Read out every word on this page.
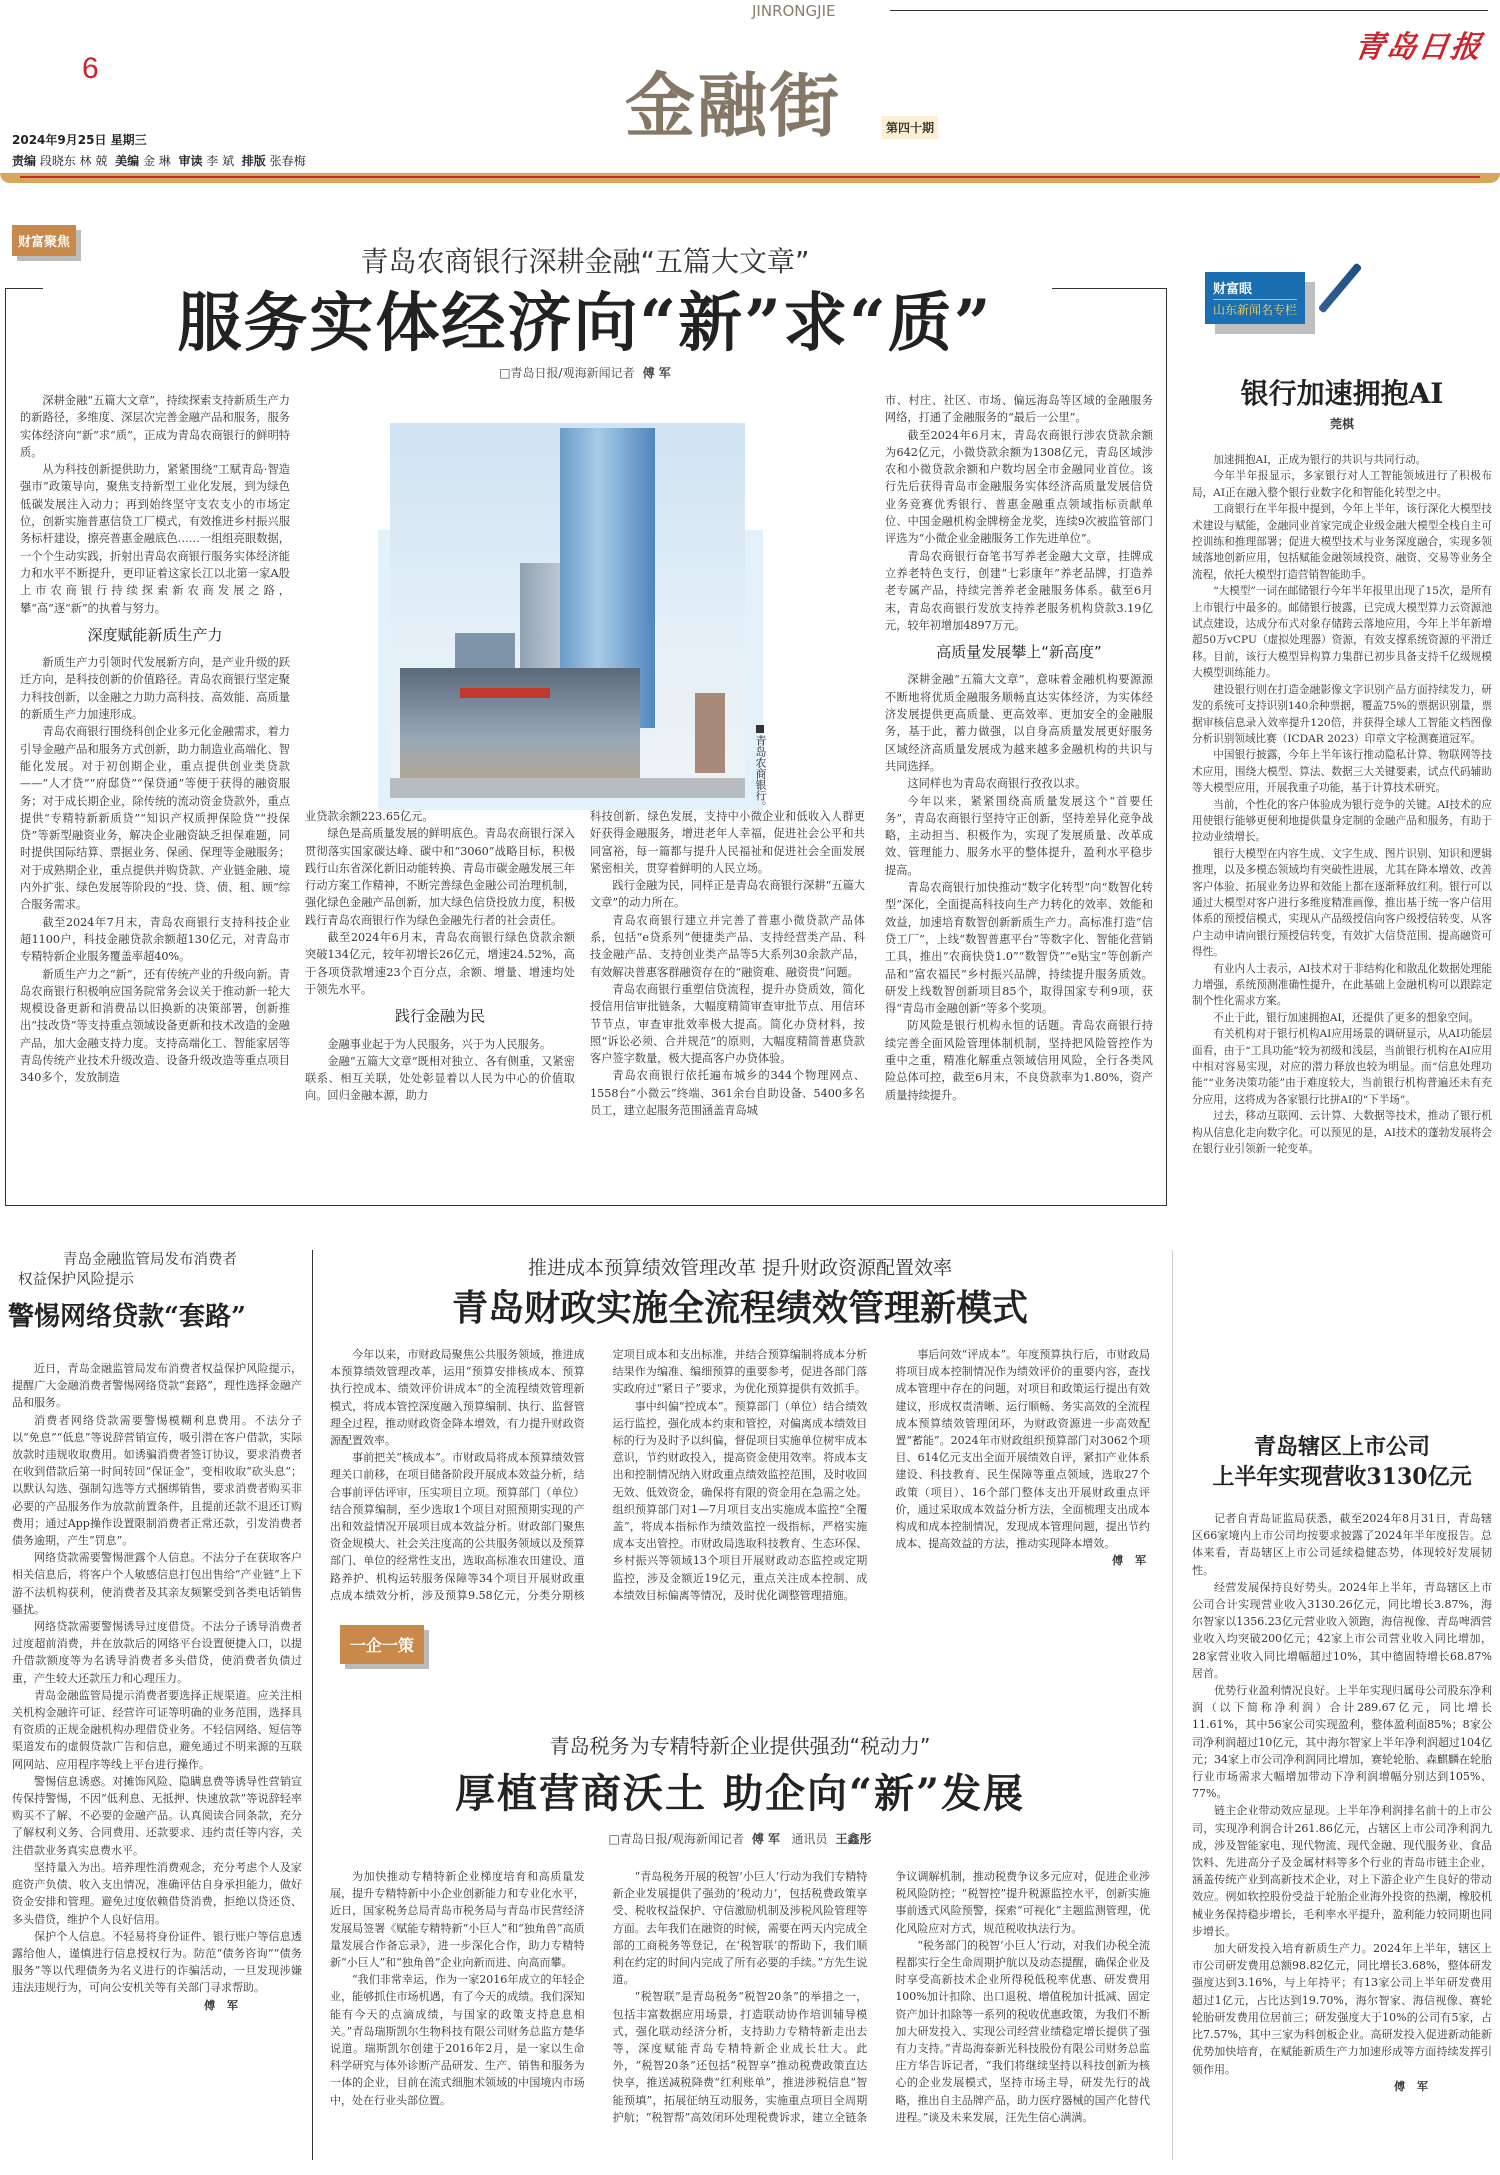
JINRONGJIE
6	金融街	第四十期
青岛日报
2024年9月25日 星期三
责编 段晓东 林 兢 美编 金 琳 审读 李 斌 排版 张春梅
财富聚焦
青岛农商银行深耕金融“五篇大文章”
服务实体经济向“新”求“质”
□青岛日报/观海新闻记者 傅 军

深耕金融“五篇大文章”，持续探索支持新质生产力的新路径，多维度、深层次完善金融产品和服务，服务实体经济向“新”求“质”，正成为青岛农商银行的鲜明特质。

从为科技创新提供助力，紧紧围绕“工赋青岛·智造强市”政策导向，聚焦支持新型工业化发展，到为绿色低碳发展注入动力；再到始终坚守支农支小的市场定位，创新实施普惠信贷工厂模式，有效推进乡村振兴服务标杆建设，擦亮普惠金融底色……一组组亮眼数据，一个个生动实践，折射出青岛农商银行服务实体经济能力和水平不断提升，更印证着这家长江以北第一家A股上市农商银行持续探索新农商发展之路，攀“高”逐“新”的执着与努力。

深度赋能新质生产力

新质生产力引领时代发展新方向，是产业升级的跃迁方向，是科技创新的价值路径。青岛农商银行坚定聚力科技创新，以金融之力助力高科技、高效能、高质量的新质生产力加速形成。

青岛农商银行围绕科创企业多元化金融需求，着力引导金融产品和服务方式创新，助力制造业高端化、智能化发展。对于初创期企业，重点提供创业类贷款——“人才贷”“府邸贷”“保贷通”等便于获得的融资服务；对于成长期企业，除传统的流动资金贷款外，重点提供“专精特新新质贷”“知识产权质押保险贷”“投保贷”等新型融资业务，解决企业融资缺乏担保难题，同时提供国际结算、票据业务、保函、保理等金融服务；对于成熟期企业，重点提供并购贷款、产业链金融、境内外扩张、绿色发展等阶段的“投、贷、债、租、顾”综合服务需求。

截至2024年7月末，青岛农商银行支持科技企业超1100户，科技金融贷款余额超130亿元，对青岛市专精特新企业服务覆盖率超40%。

新质生产力之“新”，还有传统产业的升级向新。青岛农商银行积极响应国务院常务会议关于推动新一轮大规模设备更新和消费品以旧换新的决策部署，创新推出“技改贷”等支持重点领域设备更新和技术改造的金融产品，加大金融支持力度。支持高端化工、智能家居等青岛传统产业技术升级改造、设备升级改造等重点项目340多个，发放制造

青岛农商银行。

业贷款余额223.65亿元。

绿色是高质量发展的鲜明底色。青岛农商银行深入贯彻落实国家碳达峰、碳中和“3060”战略目标，积极践行山东省深化新旧动能转换、青岛市碳金融发展三年行动方案工作精神，不断完善绿色金融公司治理机制，强化绿色金融产品创新，加大绿色信贷投放力度，积极践行青岛农商银行作为绿色金融先行者的社会责任。

截至2024年6月末，青岛农商银行绿色贷款余额突破134亿元，较年初增长26亿元，增速24.52%，高于各项贷款增速23个百分点，余额、增量、增速均处于领先水平。

践行金融为民

金融事业起于为人民服务，兴于为人民服务。

金融“五篇大文章”既相对独立、各有侧重，又紧密联系、相互关联，处处彰显着以人民为中心的价值取向。回归金融本源，助力

科技创新、绿色发展，支持中小微企业和低收入人群更好获得金融服务，增进老年人幸福，促进社会公平和共同富裕，每一篇都与提升人民福祉和促进社会全面发展紧密相关，贯穿着鲜明的人民立场。

践行金融为民，同样正是青岛农商银行深耕“五篇大文章”的动力所在。

青岛农商银行建立并完善了普惠小微贷款产品体系，包括“e贷系列”便捷类产品、支持经营类产品、科技金融产品、支持创业类产品等5大系列30余款产品，有效解决普惠客群融资存在的“融资难、融资贵”问题。

青岛农商银行重塑信贷流程，提升办贷质效，简化授信用信审批链条，大幅度精简审查审批节点、用信环节节点，审查审批效率极大提高。简化办贷材料，按照“诉讼必须、合并规范”的原则，大幅度精简普惠贷款客户签字数量，极大提高客户办贷体验。

青岛农商银行依托遍布城乡的344个物理网点、1558台“小微云”终端、361余台自助设备、5400多名员工，建立起服务范围涵盖青岛城

市、村庄、社区、市场、偏远海岛等区域的金融服务网络，打通了金融服务的“最后一公里”。

截至2024年6月末，青岛农商银行涉农贷款余额为642亿元，小微贷款余额为1308亿元，青岛区域涉农和小微贷款余额和户数均居全市金融同业首位。该行先后获得青岛市金融服务实体经济高质量发展信贷业务竞赛优秀银行、普惠金融重点领域指标贡献单位、中国金融机构金牌榜金龙奖，连续9次被监管部门评选为“小微企业金融服务工作先进单位”。

青岛农商银行奋笔书写养老金融大文章，挂牌成立养老特色支行，创建“七彩康年”养老品牌，打造养老专属产品，持续完善养老金融服务体系。截至6月末，青岛农商银行发放支持养老服务机构贷款3.19亿元，较年初增加4897万元。

高质量发展攀上“新高度”

深耕金融“五篇大文章”，意味着金融机构要源源不断地将优质金融服务顺畅直达实体经济，为实体经济发展提供更高质量、更高效率、更加安全的金融服务，基于此，蓄力做强，以自身高质量发展更好服务区域经济高质量发展成为越来越多金融机构的共识与共同选择。

这同样也为青岛农商银行孜孜以求。

今年以来，紧紧围绕高质量发展这个“首要任务”，青岛农商银行坚持守正创新，坚持差异化竞争战略，主动担当、积极作为，实现了发展质量、改革成效、管理能力、服务水平的整体提升，盈利水平稳步提高。

青岛农商银行加快推动“数字化转型”向“数智化转型”深化，全面提高科技向生产力转化的效率、效能和效益，加速培育数智创新新质生产力。高标准打造“信贷工厂”，上线“数智普惠平台”等数字化、智能化营销工具，推出“农商快贷1.0”“数智贷”“e贴宝”等创新产品和“富农福民”乡村振兴品牌，持续提升服务质效。研发上线数智创新项目85个，取得国家专利9项，获得“青岛市金融创新”等多个奖项。

防风险是银行机构永恒的话题。青岛农商银行持续完善全面风险管理体制机制，坚持把风险管控作为重中之重，精准化解重点领域信用风险，全行各类风险总体可控，截至6月末，不良贷款率为1.80%，资产质量持续提升。

财富眼
山东新闻名专栏
银行加速拥抱AI
莞棋

加速拥抱AI，正成为银行的共识与共同行动。

今年半年报显示，多家银行对人工智能领域进行了积极布局，AI正在融入整个银行业数字化和智能化转型之中。

工商银行在半年报中提到，今年上半年，该行深化大模型技术建设与赋能，金融同业首家完成企业级金融大模型全栈自主可控训练和推理部署；促进大模型技术与业务深度融合，实现多领域落地创新应用，包括赋能金融领域投资、融资、交易等业务全流程，依托大模型打造营销智能助手。

“大模型”一词在邮储银行今年半年报里出现了15次，是所有上市银行中最多的。邮储银行披露，已完成大模型算力云资源池试点建设，达成分布式对象存储跨云落地应用，今年上半年新增超50万vCPU（虚拟处理器）资源，有效支撑系统资源的平滑迁移。目前，该行大模型异构算力集群已初步具备支持千亿级规模大模型训练能力。

建设银行则在打造金融影像文字识别产品方面持续发力，研发的系统可支持识别140余种票据，覆盖75%的票据识别量，票据审核信息录入效率提升120倍，并获得全球人工智能文档图像分析识别领域比赛（ICDAR 2023）印章文字检测赛道冠军。

中国银行披露，今年上半年该行推动隐私计算、物联网等技术应用，围绕大模型、算法、数据三大关键要素，试点代码辅助等大模型应用，开展我重子功能，基于计算技术研究。

当前，个性化的客户体验成为银行竞争的关键。AI技术的应用使银行能够更便利地提供量身定制的金融产品和服务，有助于拉动业绩增长。

银行大模型在内容生成、文字生成、图片识别、知识和逻辑推理，以及多模态领域均有突破性进展，尤其在降本增效、改善客户体验、拓展业务边界和效能上都在逐渐释放红利。银行可以通过大模型对客户进行多维度精准画像，推出基于统一客户信用体系的预授信模式，实现从产品级授信向客户级授信转变、从客户主动申请向银行预授信转变，有效扩大信贷范围、提高融资可得性。

有业内人士表示，AI技术对于非结构化和散乱化数据处理能力增强，系统预测准确性提升，在此基础上金融机构可以跟踪定制个性化需求方案。

不止于此，银行加速拥抱AI，还提供了更多的想象空间。

有关机构对于银行机构AI应用场景的调研显示，从AI功能层面看，由于“工具功能”较为初级和浅层，当前银行机构在AI应用中相对容易实现，对应的潜力释放也较为明显。而“信息处理功能”“业务决策功能”由于难度较大，当前银行机构普遍还未有充分应用，这将成为各家银行比拼AI的“下半场”。

过去，移动互联网、云计算、大数据等技术，推动了银行机构从信息化走向数字化。可以预见的是，AI技术的蓬勃发展将会在银行业引领新一轮变革。

青岛辖区上市公司
上半年实现营收3130亿元

记者自青岛证监局获悉，截至2024年8月31日，青岛辖区66家境内上市公司均按要求披露了2024年半年度报告。总体来看，青岛辖区上市公司延续稳健态势，体现较好发展韧性。

经营发展保持良好势头。2024年上半年，青岛辖区上市公司合计实现营业收入3130.26亿元，同比增长3.87%，海尔智家以1356.23亿元营业收入领跑，海信视像、青岛啤酒营业收入均突破200亿元；42家上市公司营业收入同比增加，28家营业收入同比增幅超过10%，其中德固特增长68.87%居首。

优势行业盈利情况良好。上半年实现归属母公司股东净利润（以下简称净利润）合计289.67亿元，同比增长11.61%，其中56家公司实现盈利，整体盈利面85%；8家公司净利润超过10亿元，其中海尔智家上半年净利润超过104亿元；34家上市公司净利润同比增加，赛轮轮胎、森麒麟在轮胎行业市场需求大幅增加带动下净利润增幅分别达到105%、77%。

链主企业带动效应显现。上半年净利润排名前十的上市公司，实现净利润合计261.86亿元，占辖区上市公司净利润九成，涉及智能家电、现代物流、现代金融、现代服务业、食品饮料、先进高分子及金属材料等多个行业的青岛市链主企业，涵盖传统产业到高新技术企业，对上下游企业产生良好的带动效应。例如软控股份受益于轮胎企业海外投资的热潮，橡胶机械业务保持稳步增长，毛利率水平提升，盈利能力较同期也同步增长。

加大研发投入培育新质生产力。2024年上半年，辖区上市公司研发费用总额98.82亿元，同比增长3.68%，整体研发强度达到3.16%，与上年持平；有13家公司上半年研发费用超过1亿元，占比达到19.70%，海尔智家、海信视像、赛轮轮胎研发费用位居前三；研发强度大于10%的公司有5家，占比7.57%，其中三家为科创板企业。高研发投入促进新动能新优势加快培育，在赋能新质生产力加速形成等方面持续发挥引领作用。

傅 军

青岛金融监管局发布消费者
权益保护风险提示
警惕网络贷款“套路”

近日，青岛金融监管局发布消费者权益保护风险提示，提醒广大金融消费者警惕网络贷款“套路”，理性选择金融产品和服务。

消费者网络贷款需要警惕模糊利息费用。不法分子以“免息”“低息”等说辞营销宣传，吸引潜在客户借款，实际放款时违规收取费用。如诱骗消费者签订协议，要求消费者在收到借款后第一时间转回“保证金”，变相收取“砍头息”；以默认勾选、强制勾选等方式捆绑销售，要求消费者购买非必要的产品服务作为放款前置条件，且提前还款不退还订购费用；通过App操作设置限制消费者正常还款，引发消费者债务逾期，产生“罚息”。

网络贷款需要警惕泄露个人信息。不法分子在获取客户相关信息后，将客户个人敏感信息打包出售给“产业链”上下游不法机构获利，使消费者及其亲友频繁受到各类电话销售骚扰。

网络贷款需要警惕诱导过度借贷。不法分子诱导消费者过度超前消费，并在放款后的网络平台设置便捷入口，以提升借款额度等为名诱导消费者多头借贷，使消费者负债过重，产生较大还款压力和心理压力。

青岛金融监管局提示消费者要选择正规渠道。应关注相关机构金融许可证、经营许可证等明确的业务范围，选择具有资质的正规金融机构办理借贷业务。不轻信网络、短信等渠道发布的虚假贷款广告和信息，避免通过不明来源的互联网网站、应用程序等线上平台进行操作。

警惕信息诱惑。对摊饰风险、隐瞒息费等诱导性营销宣传保持警惕，不因“低利息、无抵押、快速放款”等说辞轻率购买不了解、不必要的金融产品。认真阅读合同条款，充分了解权利义务、合同费用、还款要求、违约责任等内容，关注借款业务真实息费水平。

坚持量入为出。培养理性消费观念，充分考虑个人及家庭资产负债、收入支出情况，准确评估自身承担能力，做好资金安排和管理。避免过度依赖借贷消费，拒绝以贷还贷、多头借贷，维护个人良好信用。

保护个人信息。不轻易将身份证件、银行账户等信息透露给他人，谨慎进行信息授权行为。防范“债务咨询”“债务服务”等以代理债务为名义进行的诈骗活动，一旦发现涉嫌违法违规行为，可向公安机关等有关部门寻求帮助。

傅 军

推进成本预算绩效管理改革 提升财政资源配置效率
青岛财政实施全流程绩效管理新模式

今年以来，市财政局聚焦公共服务领域，推进成本预算绩效管理改革，运用“预算安排核成本、预算执行控成本、绩效评价讲成本”的全流程绩效管理新模式，将成本管控深度融入预算编制、执行、监督管理全过程，推动财政资金降本增效，有力提升财政资源配置效率。

事前把关“核成本”。市财政局将成本预算绩效管理关口前移，在项目储备阶段开展成本效益分析，结合事前评估评审，压实项目立项。预算部门（单位）结合预算编制，至少选取1个项目对照预期实现的产出和效益情况开展项目成本效益分析。财政部门聚焦资金规模大、社会关注度高的公共服务领域以及预算部门、单位的经常性支出，选取高标准农田建设、道路养护、机构运转服务保障等34个项目开展财政重点成本绩效分析，涉及预算9.58亿元，分类分期核定项目成本和支出标准，并结合预算编制将成本分析结果作为编准、编细预算的重要参考，促进各部门落实政府过“紧日子”要求，为优化预算提供有效抓手。

事中纠偏“控成本”。预算部门（单位）结合绩效运行监控，强化成本约束和管控，对偏离成本绩效目标的行为及时予以纠偏，督促项目实施单位树牢成本意识，节约财政投入，提高资金使用效率。将成本支出和控制情况纳入财政重点绩效监控范围，及时收回无效、低效资金，确保将有限的资金用在急需之处。组织预算部门对1—7月项目支出实施成本监控“全覆盖”，将成本指标作为绩效监控一级指标，严格实施成本支出管控。市财政局选取科技教育、生态环保、乡村振兴等领域13个项目开展财政动态监控或定期监控，涉及金额近19亿元，重点关注成本控制、成本绩效目标偏离等情况，及时优化调整管理措施。

事后问效“评成本”。年度预算执行后，市财政局将项目成本控制情况作为绩效评价的重要内容，查找成本管理中存在的问题，对项目和政策运行提出有效建议，形成权责清晰、运行顺畅、务实高效的全流程成本预算绩效管理闭环，为财政资源进一步高效配置“蓄能”。2024年市财政组织预算部门对3062个项目、614亿元支出全面开展绩效自评，紧扣产业体系建设、科技教育、民生保障等重点领域，选取27个政策（项目）、16个部门整体支出开展财政重点评价，通过采取成本效益分析方法，全面梳理支出成本构成和成本控制情况，发现成本管理问题，提出节约成本、提高效益的方法，推动实现降本增效。

傅 军

一企一策
青岛税务为专精特新企业提供强劲“税动力”
厚植营商沃土 助企向“新”发展
□青岛日报/观海新闻记者 傅 军 通讯员 王鑫彤

为加快推动专精特新企业梯度培育和高质量发展，提升专精特新中小企业创新能力和专业化水平，近日，国家税务总局青岛市税务局与青岛市民营经济发展局签署《赋能专精特新“小巨人”和“独角兽”高质量发展合作备忘录》，进一步深化合作，助力专精特新“小巨人”和“独角兽”企业向新而进、向高而攀。

“我们非常幸运，作为一家2016年成立的年轻企业，能够抓住市场机遇，有了今天的成绩。我们深知能有今天的点滴成绩，与国家的政策支持息息相关。”青岛瑞斯凯尔生物科技有限公司财务总监方楚华说道。瑞斯凯尔创建于2016年2月，是一家以生命科学研究与体外诊断产品研发、生产、销售和服务为一体的企业，目前在流式细胞术领域的中国境内市场中，处在行业头部位置。

“青岛税务开展的税智‘小巨人’行动为我们专精特新企业发展提供了强劲的‘税动力’，包括税费政策享受、税收权益保护、守信激励机制及涉税风险管理等方面。去年我们在融资的时候，需要在两天内完成全部的工商税务等登记，在‘税智联’的帮助下，我们顺利在约定的时间内完成了所有必要的手续。”方先生说道。

“税智联”是青岛税务“税智20条”的举措之一，包括丰富数据应用场景，打造联动协作培训辅导模式，强化联动经济分析，支持助力专精特新走出去等，深度赋能青岛专精特新企业成长壮大。此外，“税智20条”还包括“税智享”推动税费政策直达快享，推送减税降费“红利账单”，推进涉税信息“智能预填”，拓展征纳互动服务，实施重点项目全周期护航；“税智帮”高效闭环处理税费诉求，建立全链条争议调解机制，推动税费争议多元应对，促进企业涉税风险防控；“税智控”提升税源监控水平，创新实施事前透式风险预警，探索“可视化”主题监测管理，优化风险应对方式，规范税收执法行为。

“税务部门的税智‘小巨人’行动，对我们办税全流程都实行全生命周期护航以及动态提醒，确保企业及时享受高新技术企业所得税低税率优惠、研发费用100%加计扣除、出口退税、增值税加计抵减、固定资产加计扣除等一系列的税收优惠政策，为我们不断加大研发投入、实现公司经营业绩稳定增长提供了强有力支持。”青岛海泰新光科技股份有限公司财务总监庄方华告诉记者，“我们将继续坚持以科技创新为核心的企业发展模式，坚持市场主导，研发先行的战略，推出自主品牌产品，助力医疗器械的国产化替代进程。”谈及未来发展，汪先生信心满满。
